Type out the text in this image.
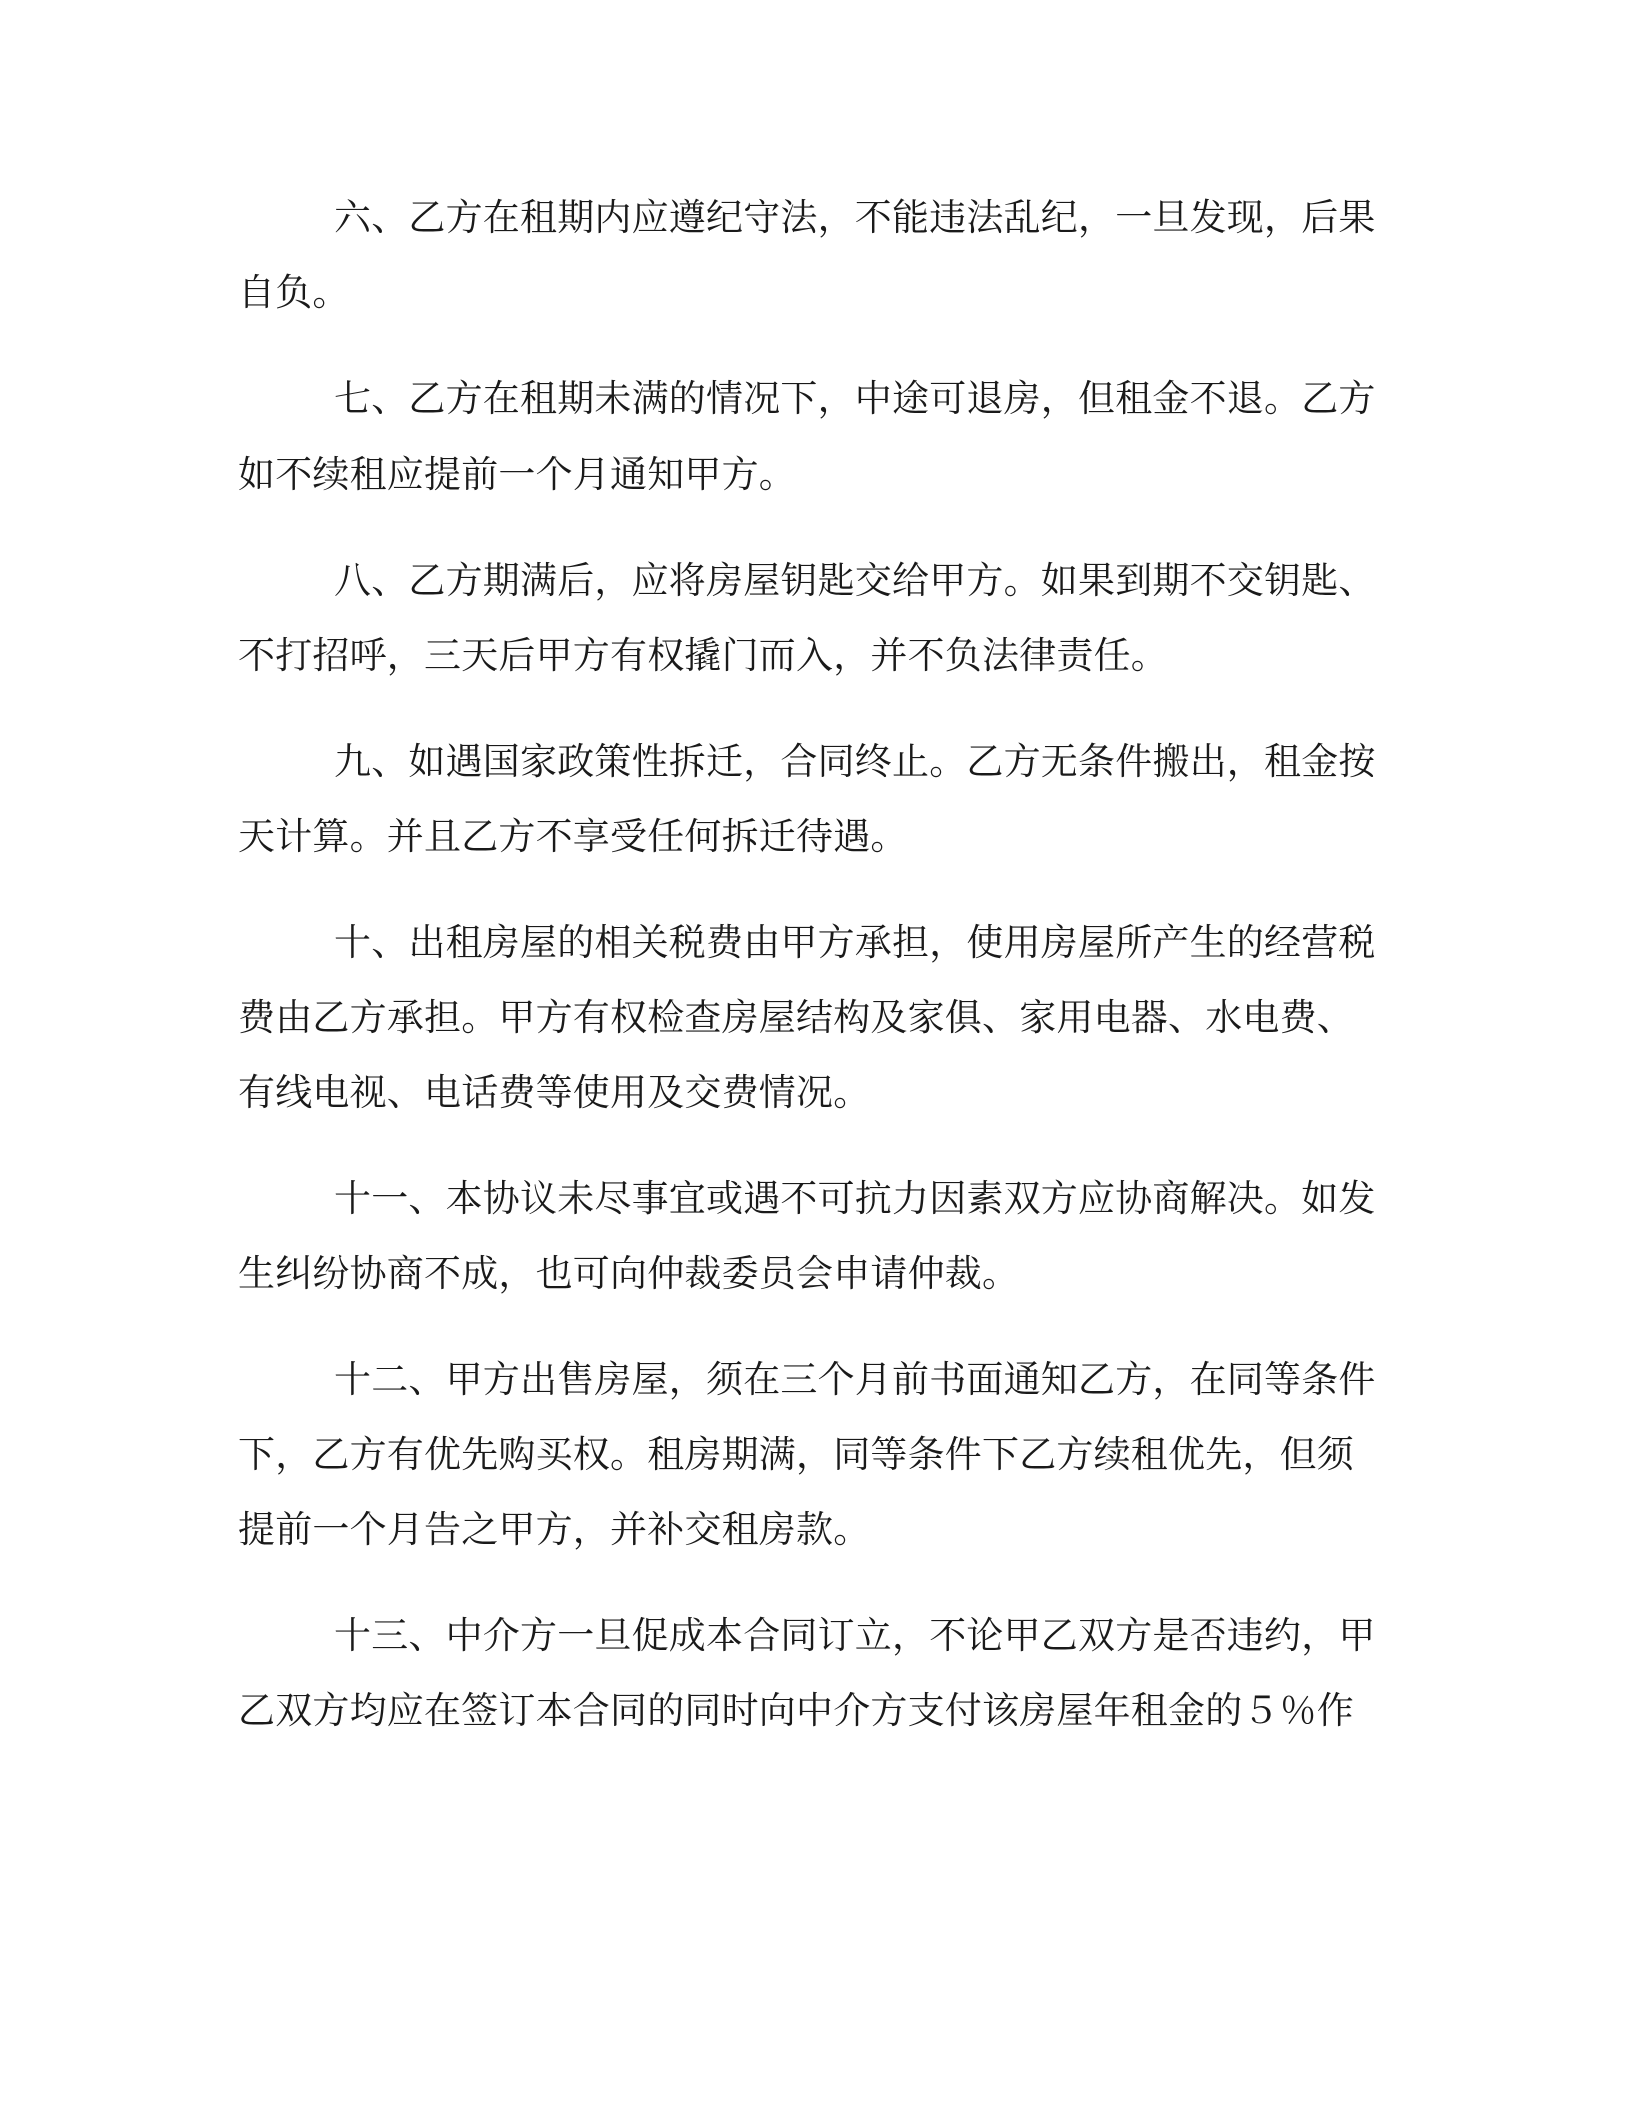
六、乙方在租期内应遵纪守法，不能违法乱纪，一旦发现，后果
自负。
七、乙方在租期未满的情况下，中途可退房，但租金不退。乙方
如不续租应提前一个月通知甲方。
八、乙方期满后，应将房屋钥匙交给甲方。如果到期不交钥匙、
不打招呼，三天后甲方有权撬门而入，并不负法律责任。
九、如遇国家政策性拆迁，合同终止。乙方无条件搬出，租金按
天计算。并且乙方不享受任何拆迁待遇。
十、出租房屋的相关税费由甲方承担，使用房屋所产生的经营税
费由乙方承担。甲方有权检查房屋结构及家俱、家用电器、水电费、
有线电视、电话费等使用及交费情况。
十一、本协议未尽事宜或遇不可抗力因素双方应协商解决。如发
生纠纷协商不成，也可向仲裁委员会申请仲裁。
十二、甲方出售房屋，须在三个月前书面通知乙方，在同等条件
下，乙方有优先购买权。租房期满，同等条件下乙方续租优先，但须
提前一个月告之甲方，并补交租房款。
十三、中介方一旦促成本合同订立，不论甲乙双方是否违约，甲
乙双方均应在签订本合同的同时向中介方支付该房屋年租金的５％作
